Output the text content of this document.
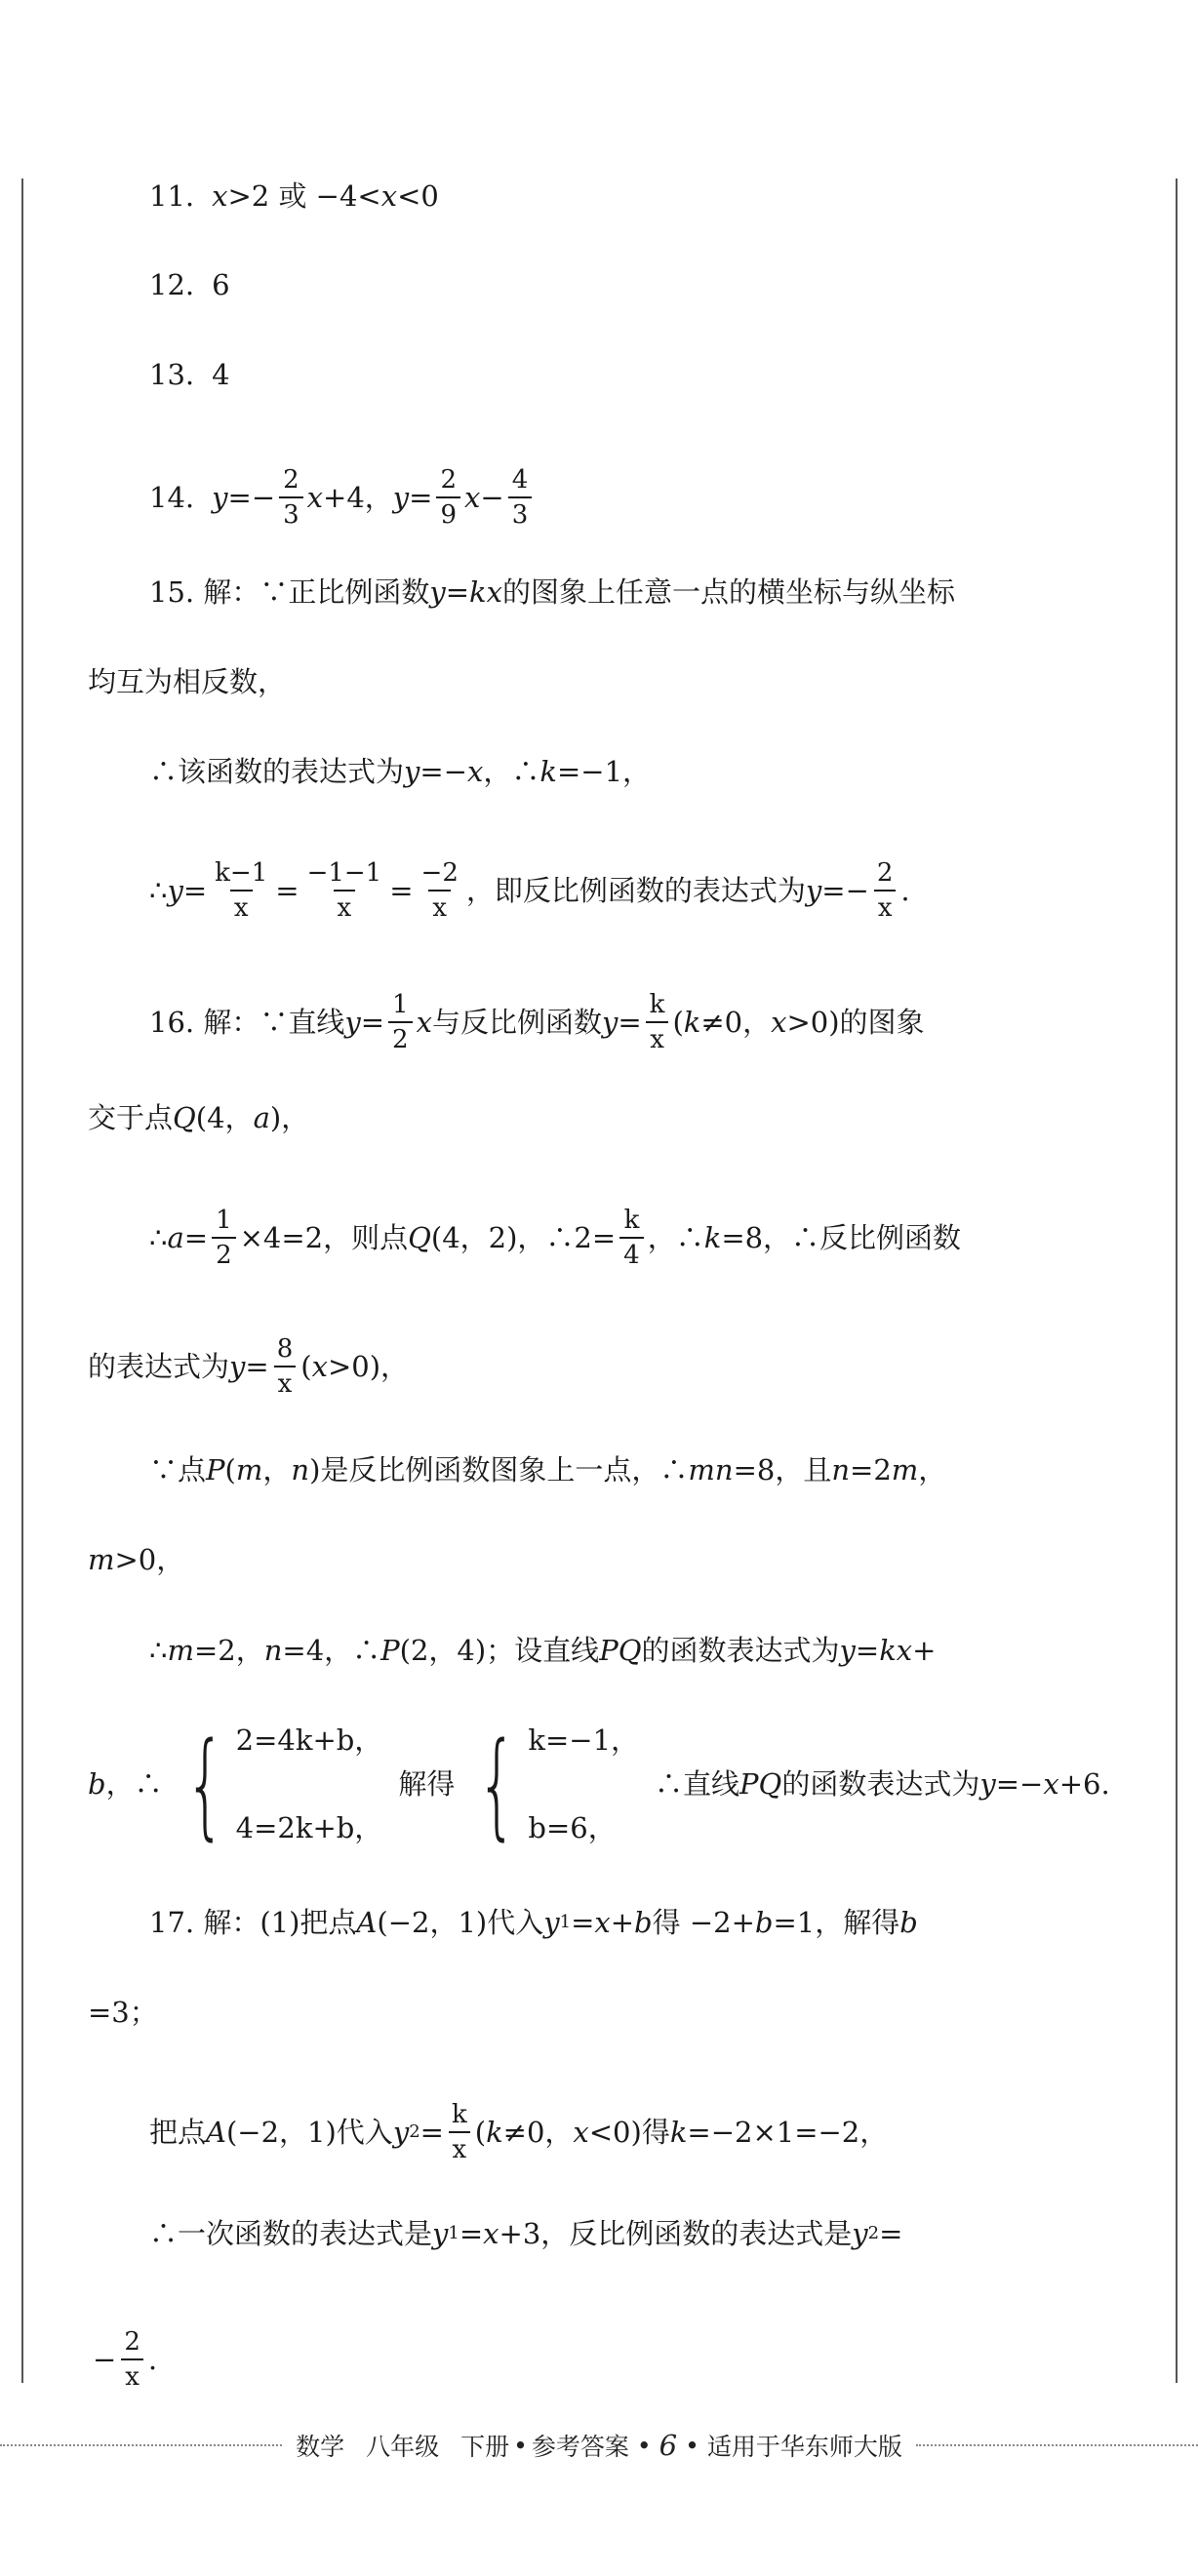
11. x >2 或 −4< x <0
12. 6
13. 4
14. $y =- \frac{2}{3}$ x +4， $y = \frac{2}{9}$ $x - \frac{4}{3}$
15. 解：∵正比例函数 y = kx 的图象上任意一点的横坐标与纵坐标
均互为相反数，
∴该函数的表达式为 y =− x ，∴ k =−1，
∴ $y = \frac{k-1}{x} = \frac{-1-1}{x} = \frac{-2}{x}$ ，即反比例函数的表达式为 $y =- \frac{2}{x}$ .
16. 解：∵直线 $y = \frac{1}{2}$ x 与反比例函数 $y = \frac{k}{x}$ ( k ≠0， x >0)的图象
交于点 Q (4， a )，
∴ $a = \frac{1}{2} \times 4=2$，则点 Q (4，2)，∴2= $\frac{k}{4}$ ，∴ k =8，∴反比例函数
的表达式为 $y = \frac{8}{x}$ ( x >0)，
∵点 P ( m ， n )是反比例函数图象上一点，∴ mn =8，且 n =2 m ，
m >0，
∴ m =2， n =4，∴ P (2，4)；设直线 PQ 的函数表达式为 y = kx +
b ，∴ { 2=4k+b，
4=2k+b，
解得 { k=−1，
b=6，
∴直线 PQ 的函数表达式为 y =− x +6.
17. 解：(1)把点 A (−2，1)代入 y 1 = x + b 得 −2+ b =1，解得 b
=3；
把点 A (−2，1)代入 y $2 = \frac{k}{x}$ ( k ≠0， x <0)得 k =−2×1=−2，
∴一次函数的表达式是 y 1 = x +3，反比例函数的表达式是 y 2 =
− $\frac{2}{x}$ .
数学 八年级 下册 • 参考答案 • 6 • 适用于华东师大版
